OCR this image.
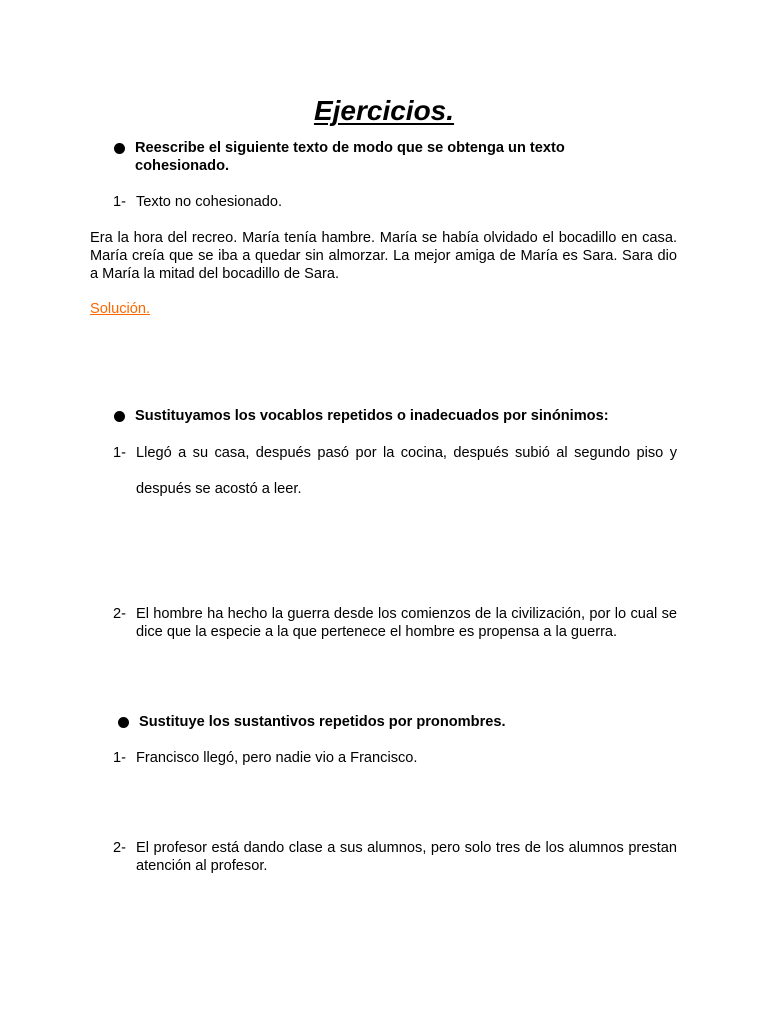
Ejercicios.
Reescribe el siguiente texto de modo que se obtenga un texto cohesionado.
1- Texto no cohesionado.
Era la hora del recreo. María tenía hambre. María se había olvidado el bocadillo en casa. María creía que se iba a quedar sin almorzar. La mejor amiga de María es Sara. Sara dio a María la mitad del bocadillo de Sara.
Solución.
Sustituyamos los vocablos repetidos o inadecuados por sinónimos:
1- Llegó a su casa, después pasó por la cocina, después subió al segundo piso y después se acostó a leer.
2- El hombre ha hecho la guerra desde los comienzos de la civilización, por lo cual se dice que la especie a la que pertenece el hombre es propensa a la guerra.
Sustituye los sustantivos repetidos por pronombres.
1- Francisco llegó, pero nadie vio a Francisco.
2- El profesor está dando clase a sus alumnos, pero solo tres de los alumnos prestan atención al profesor.
